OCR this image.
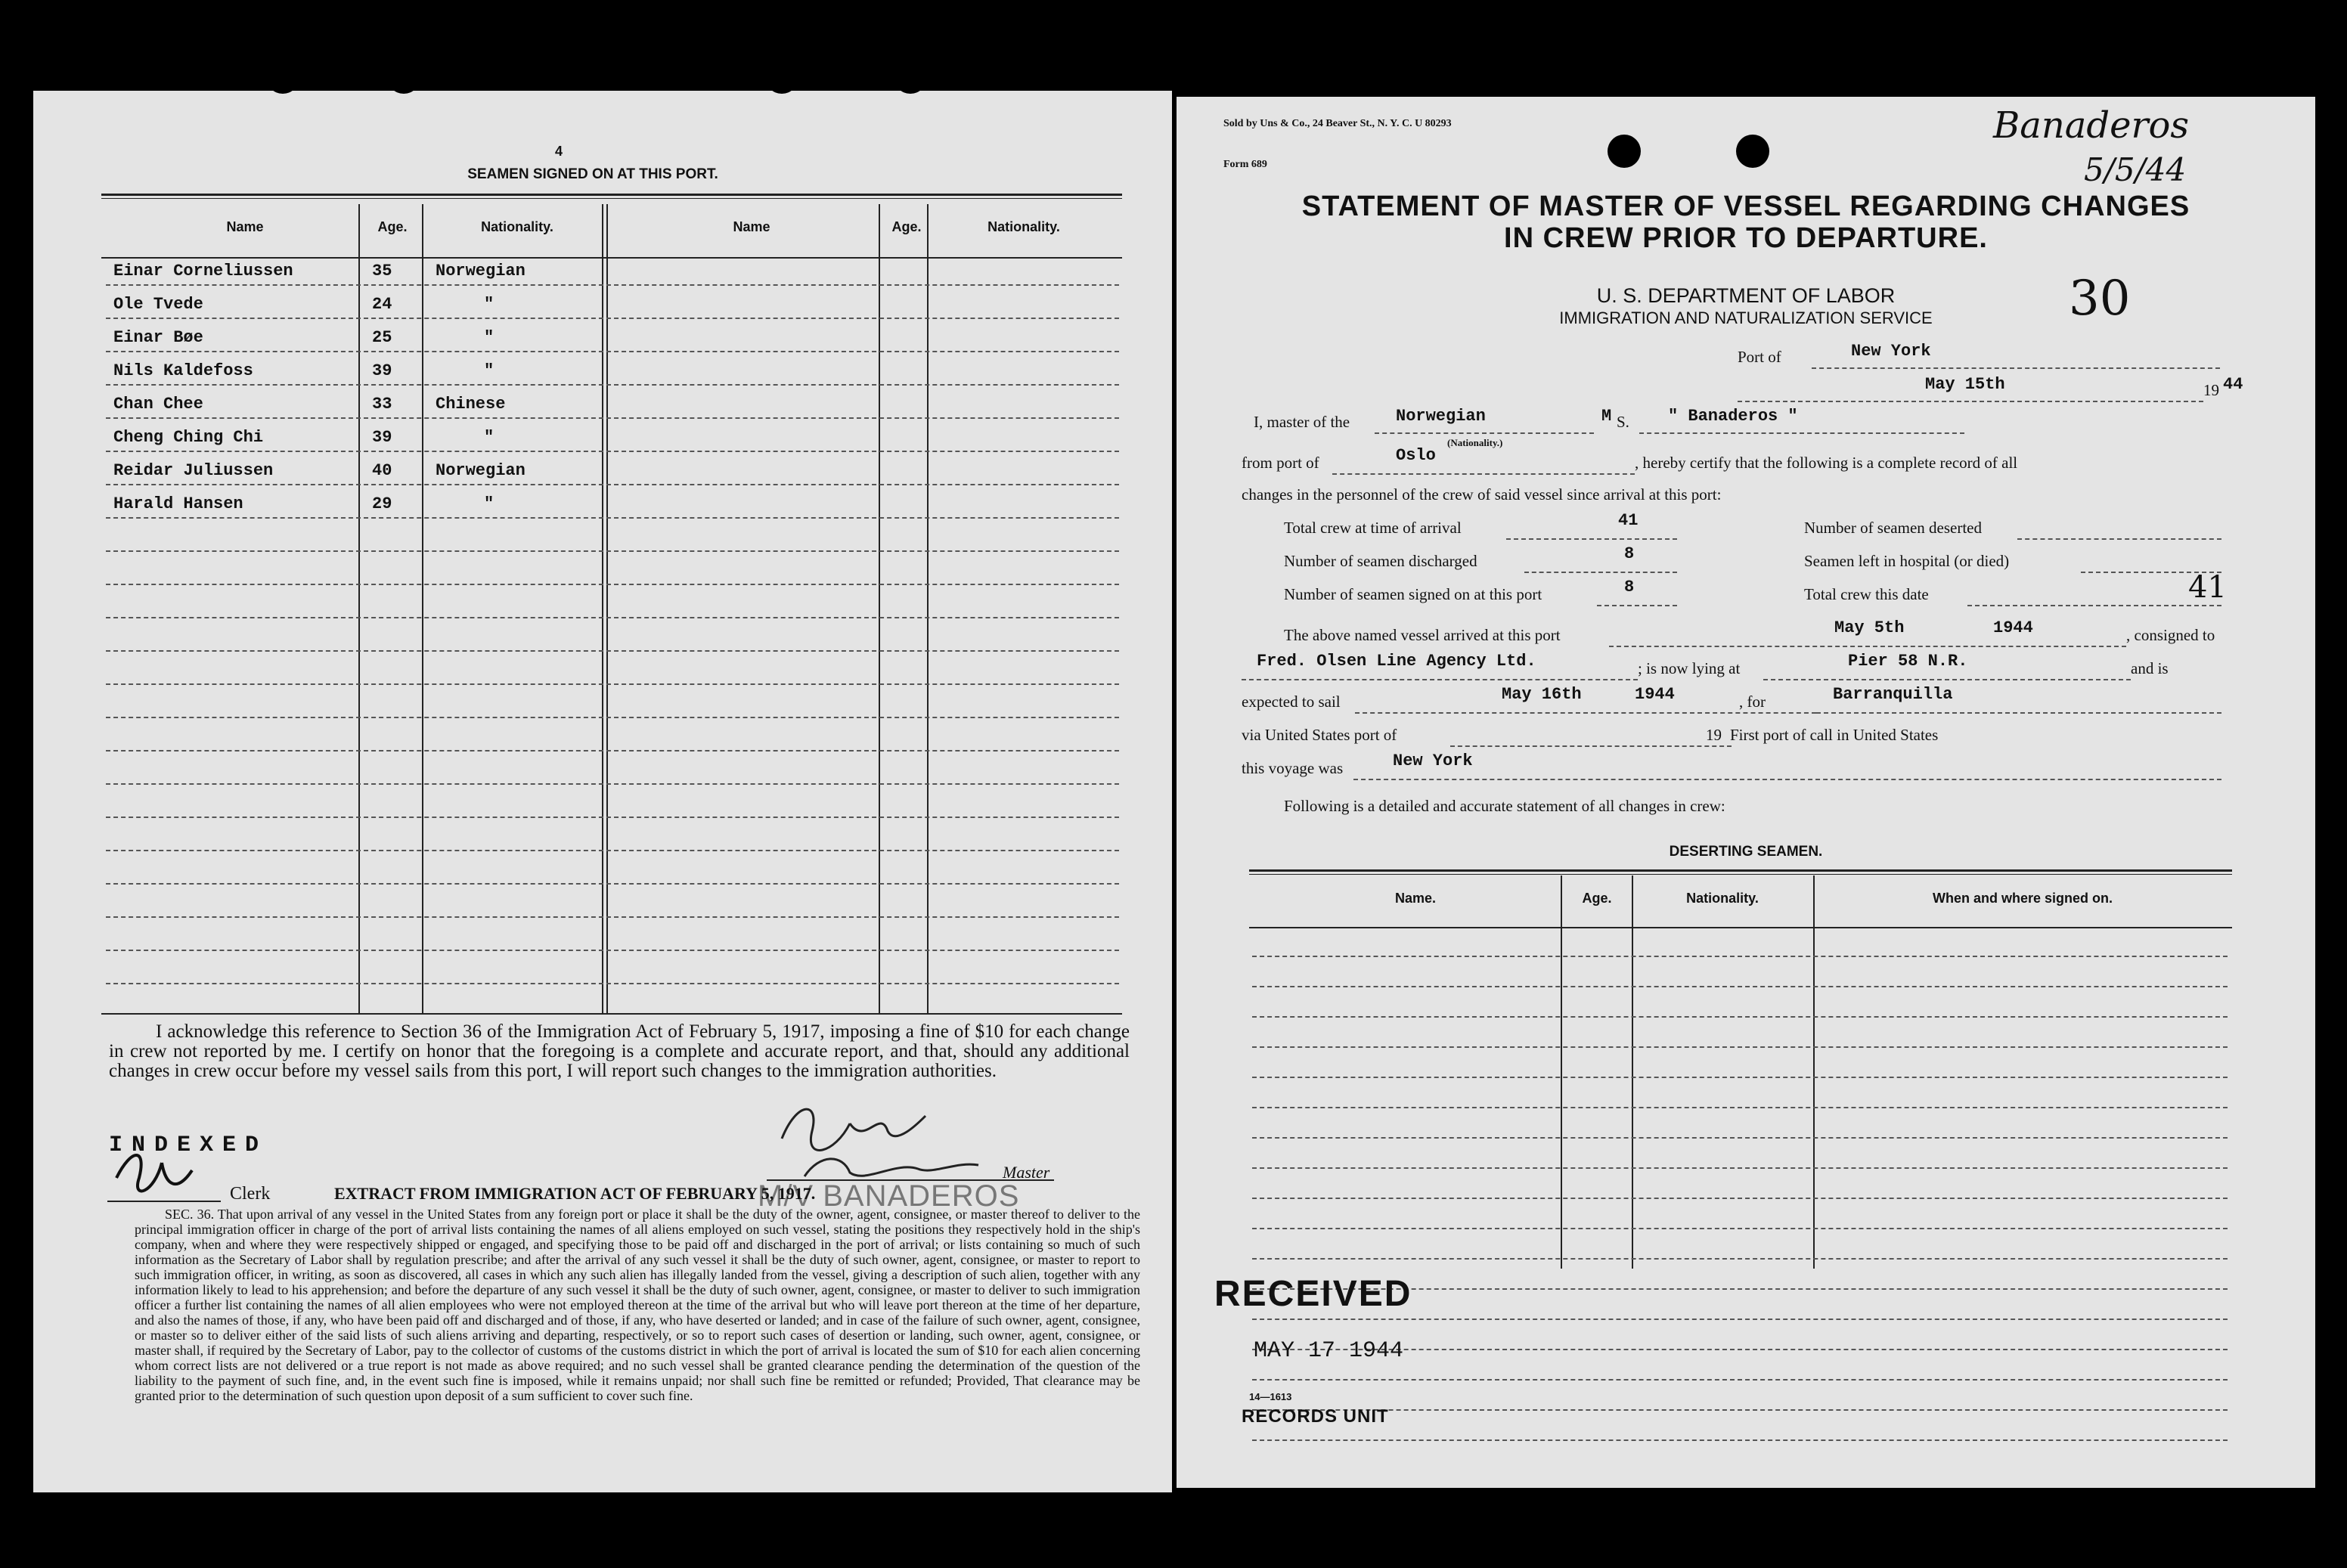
4
SEAMEN SIGNED ON AT THIS PORT.
Name	Age.	Nationality.	Name	Age.	Nationality.
Einar Corneliussen	35	Norwegian
Ole Tvede	24	"
Einar Bøe	25	"
Nils Kaldefoss	39	"
Chan Chee	33	Chinese
Cheng Ching Chi	39	"
Reidar Juliussen	40	Norwegian
Harald Hansen	29	"
I acknowledge this reference to Section 36 of the Immigration Act of February 5, 1917, imposing a fine of $10 for each change in crew not reported by me. I certify on honor that the foregoing is a complete and accurate report, and that, should any additional changes in crew occur before my vessel sails from this port, I will report such changes to the immigration authorities.
INDEXED
Clerk
Master
M/V BANADEROS
EXTRACT FROM IMMIGRATION ACT OF FEBRUARY 5, 1917.
SEC. 36. That upon arrival of any vessel in the United States from any foreign port or place it shall be the duty of the owner, agent, consignee, or master thereof to deliver to the principal immigration officer in charge of the port of arrival lists containing the names of all aliens employed on such vessel, stating the positions they respectively hold in the ship's company, when and where they were respectively shipped or engaged, and specifying those to be paid off and discharged in the port of arrival; or lists containing so much of such information as the Secretary of Labor shall by regulation prescribe; and after the arrival of any such vessel it shall be the duty of such owner, agent, consignee, or master to report to such immigration officer, in writing, as soon as discovered, all cases in which any such alien has illegally landed from the vessel, giving a description of such alien, together with any information likely to lead to his apprehension; and before the departure of any such vessel it shall be the duty of such owner, agent, consignee, or master to deliver to such immigration officer a further list containing the names of all alien employees who were not employed thereon at the time of the arrival but who will leave port thereon at the time of her departure, and also the names of those, if any, who have been paid off and discharged and of those, if any, who have deserted or landed; and in case of the failure of such owner, agent, consignee, or master so to deliver either of the said lists of such aliens arriving and departing, respectively, or so to report such cases of desertion or landing, such owner, agent, consignee, or master shall, if required by the Secretary of Labor, pay to the collector of customs of the customs district in which the port of arrival is located the sum of $10 for each alien concerning whom correct lists are not delivered or a true report is not made as above required; and no such vessel shall be granted clearance pending the determination of the question of the liability to the payment of such fine, and, in the event such fine is imposed, while it remains unpaid; nor shall such fine be remitted or refunded; Provided, That clearance may be granted prior to the determination of such question upon deposit of a sum sufficient to cover such fine.
Sold by Uns & Co., 24 Beaver St., N. Y. C. U 80293
Form 689
Banaderos
5/5/44
30
STATEMENT OF MASTER OF VESSEL REGARDING CHANGES
IN CREW PRIOR TO DEPARTURE.
U. S. DEPARTMENT OF LABOR
IMMIGRATION AND NATURALIZATION SERVICE
Port of	New York
May 15th	19 44
I, master of the	Norwegian
(Nationality.)
M S. " Banaderos "
from port of	Oslo	, hereby certify that the following is a complete record of all
changes in the personnel of the crew of said vessel since arrival at this port:
Total crew at time of arrival	41	Number of seamen deserted
Number of seamen discharged	8	Seamen left in hospital (or died)
Number of seamen signed on at this port	8	Total crew this date	41
The above named vessel arrived at this port	May 5th	1944	, consigned to
Fred. Olsen Line Agency Ltd.	; is now lying at	Pier 58 N.R.	and is
expected to sail	May 16th	1944	, for	Barranquilla
via United States port of	19 First port of call in United States
this voyage was	New York
Following is a detailed and accurate statement of all changes in crew:
DESERTING SEAMEN.
Name.	Age.	Nationality.	When and where signed on.
RECEIVED
MAY 17 1944
14—1613
RECORDS UNIT
